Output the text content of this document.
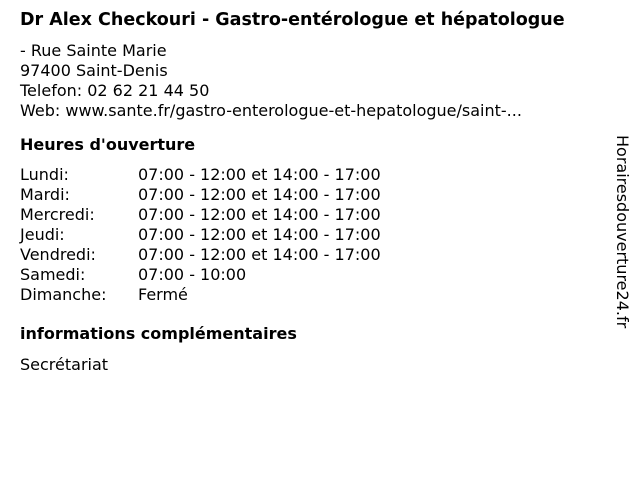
Dr Alex Checkouri - Gastro-entérologue et hépatologue
- Rue Sainte Marie
97400 Saint-Denis
Telefon: 02 62 21 44 50
Web: www.sante.fr/gastro-enterologue-et-hepatologue/saint-...
Heures d'ouverture
Lundi:	07:00 - 12:00 et 14:00 - 17:00
Mardi:	07:00 - 12:00 et 14:00 - 17:00
Mercredi:	07:00 - 12:00 et 14:00 - 17:00
Jeudi:	07:00 - 12:00 et 14:00 - 17:00
Vendredi:	07:00 - 12:00 et 14:00 - 17:00
Samedi:	07:00 - 10:00
Dimanche: Fermé
informations complémentaires
Secrétariat
Horairesdouverture24.fr
